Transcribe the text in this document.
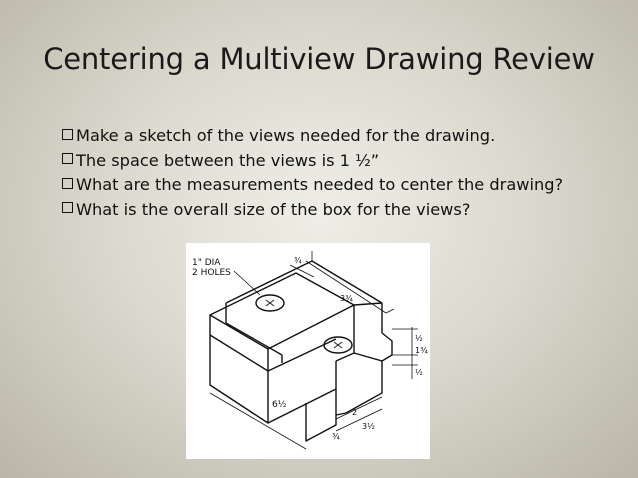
Centering a Multiview Drawing Review
Make a sketch of the views needed for the drawing.
The space between the views is 1 ½”
What are the measurements needed to center the drawing?
What is the overall size of the box for the views?
1" DIA
2 HOLES
¾
3¾
½
1¾
½
6½
2
¾
3½
